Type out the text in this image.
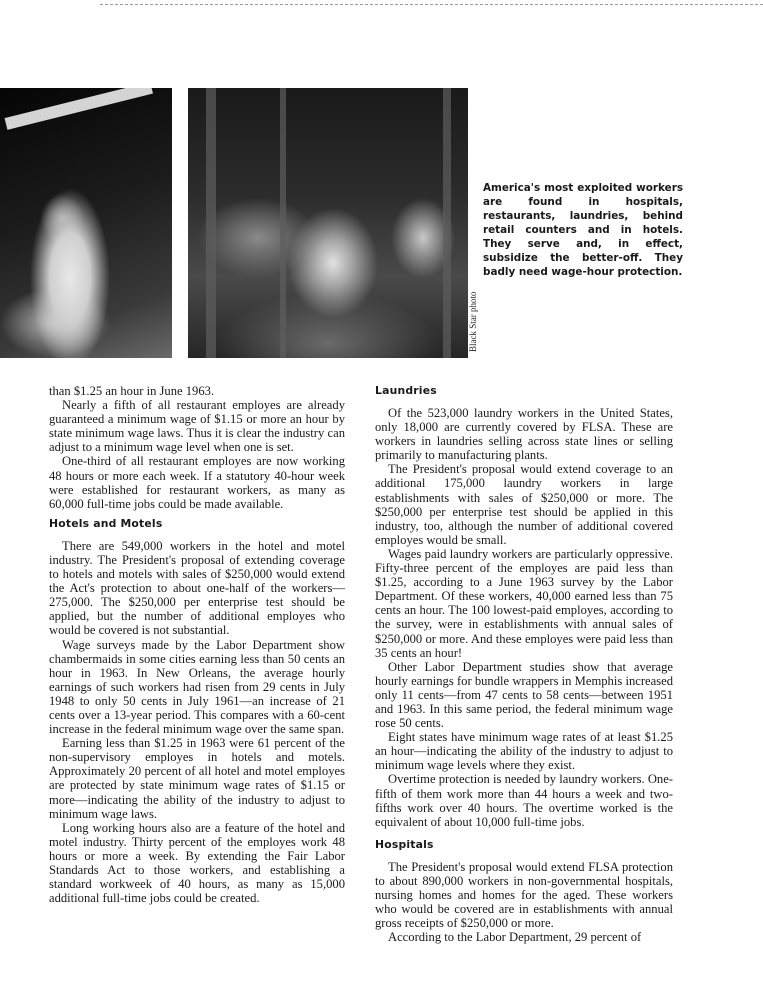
Black Star photo
America's most exploited workers are found in hospitals, restaurants, laundries, behind retail counters and in hotels. They serve and, in effect, subsidize the better-off. They badly need wage-hour protection.

than $1.25 an hour in June 1963.

Nearly a fifth of all restaurant employes are already guaranteed a minimum wage of $1.15 or more an hour by state minimum wage laws. Thus it is clear the industry can adjust to a minimum wage level when one is set.

One-third of all restaurant employes are now working 48 hours or more each week. If a statutory 40-hour week were established for restaurant workers, as many as 60,000 full-time jobs could be made available.

Hotels and Motels

There are 549,000 workers in the hotel and motel industry. The President's proposal of extending coverage to hotels and motels with sales of $250,000 would extend the Act's protection to about one-half of the workers—275,000. The $250,000 per enterprise test should be applied, but the number of additional employes who would be covered is not substantial.

Wage surveys made by the Labor Department show chambermaids in some cities earning less than 50 cents an hour in 1963. In New Orleans, the average hourly earnings of such workers had risen from 29 cents in July 1948 to only 50 cents in July 1961—an increase of 21 cents over a 13-year period. This compares with a 60-cent increase in the federal minimum wage over the same span.

Earning less than $1.25 in 1963 were 61 percent of the non-supervisory employes in hotels and motels. Approximately 20 percent of all hotel and motel employes are protected by state minimum wage rates of $1.15 or more—indicating the ability of the industry to adjust to minimum wage laws.

Long working hours also are a feature of the hotel and motel industry. Thirty percent of the employes work 48 hours or more a week. By extending the Fair Labor Standards Act to those workers, and establishing a standard workweek of 40 hours, as many as 15,000 additional full-time jobs could be created.

Laundries

Of the 523,000 laundry workers in the United States, only 18,000 are currently covered by FLSA. These are workers in laundries selling across state lines or selling primarily to manufacturing plants.

The President's proposal would extend coverage to an additional 175,000 laundry workers in large establishments with sales of $250,000 or more. The $250,000 per enterprise test should be applied in this industry, too, although the number of additional covered employes would be small.

Wages paid laundry workers are particularly oppressive. Fifty-three percent of the employes are paid less than $1.25, according to a June 1963 survey by the Labor Department. Of these workers, 40,000 earned less than 75 cents an hour. The 100 lowest-paid employes, according to the survey, were in establishments with annual sales of $250,000 or more. And these employes were paid less than 35 cents an hour!

Other Labor Department studies show that average hourly earnings for bundle wrappers in Memphis increased only 11 cents—from 47 cents to 58 cents—between 1951 and 1963. In this same period, the federal minimum wage rose 50 cents.

Eight states have minimum wage rates of at least $1.25 an hour—indicating the ability of the industry to adjust to minimum wage levels where they exist.

Overtime protection is needed by laundry workers. One-fifth of them work more than 44 hours a week and two-fifths work over 40 hours. The overtime worked is the equivalent of about 10,000 full-time jobs.

Hospitals

The President's proposal would extend FLSA protection to about 890,000 workers in non-governmental hospitals, nursing homes and homes for the aged. These workers who would be covered are in establishments with annual gross receipts of $250,000 or more.

According to the Labor Department, 29 percent of
